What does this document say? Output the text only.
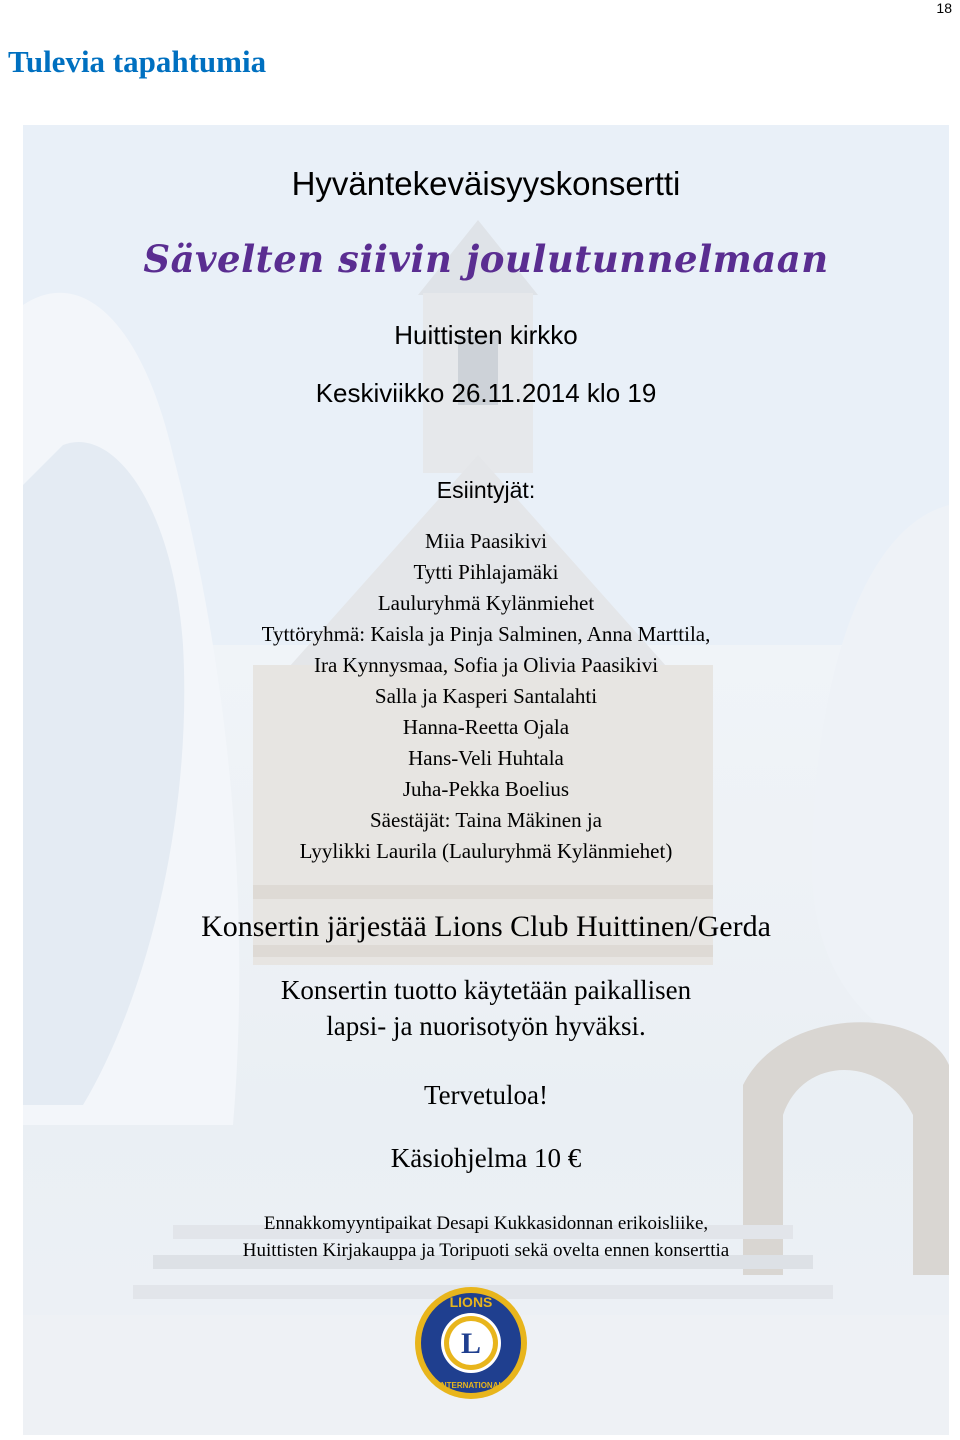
18
Tulevia tapahtumia

Hyväntekeväisyyskonsertti

Sävelten siivin joulutunnelmaan

Huittisten kirkko

Keskiviikko 26.11.2014 klo 19

Esiintyjät:

Miia Paasikivi

Tytti Pihlajamäki

Lauluryhmä Kylänmiehet

Tyttöryhmä: Kaisla ja Pinja Salminen, Anna Marttila,

Ira Kynnysmaa, Sofia ja Olivia Paasikivi

Salla ja Kasperi Santalahti

Hanna-Reetta Ojala

Hans-Veli Huhtala

Juha-Pekka Boelius

Säestäjät: Taina Mäkinen ja

Lyylikki Laurila (Lauluryhmä Kylänmiehet)

Konsertin järjestää Lions Club Huittinen/Gerda

Konsertin tuotto käytetään paikallisen

lapsi- ja nuorisotyön hyväksi.

Tervetuloa!

Käsiohjelma 10 €

Ennakkomyyntipaikat Desapi Kukkasidonnan erikoisliike,

Huittisten Kirjakauppa ja Toripuoti sekä ovelta ennen konserttia

L
LIONS
INTERNATIONAL
